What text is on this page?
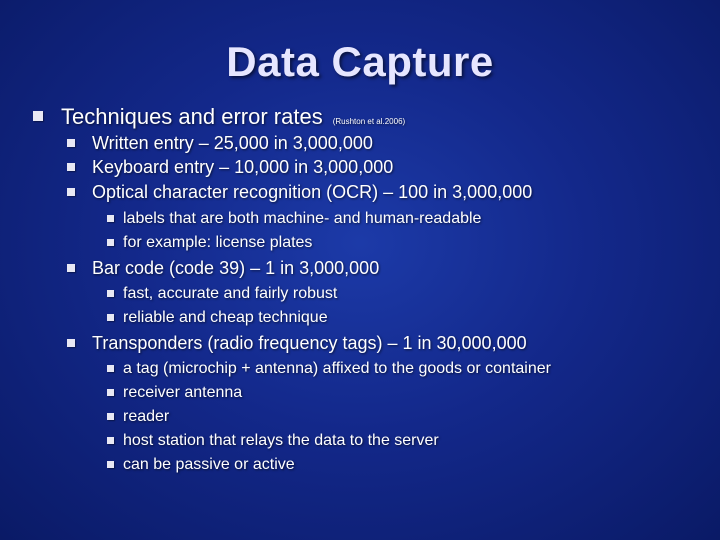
Data Capture
Techniques and error rates (Rushton et al.2006)
Written entry – 25,000 in 3,000,000
Keyboard entry – 10,000 in 3,000,000
Optical character recognition (OCR) – 100 in 3,000,000
labels that are both machine- and human-readable
for example: license plates
Bar code (code 39) – 1 in 3,000,000
fast, accurate and fairly robust
reliable and cheap technique
Transponders (radio frequency tags) – 1 in 30,000,000
a tag (microchip + antenna) affixed to the goods or container
receiver antenna
reader
host station that relays the data to the server
can be passive or active
